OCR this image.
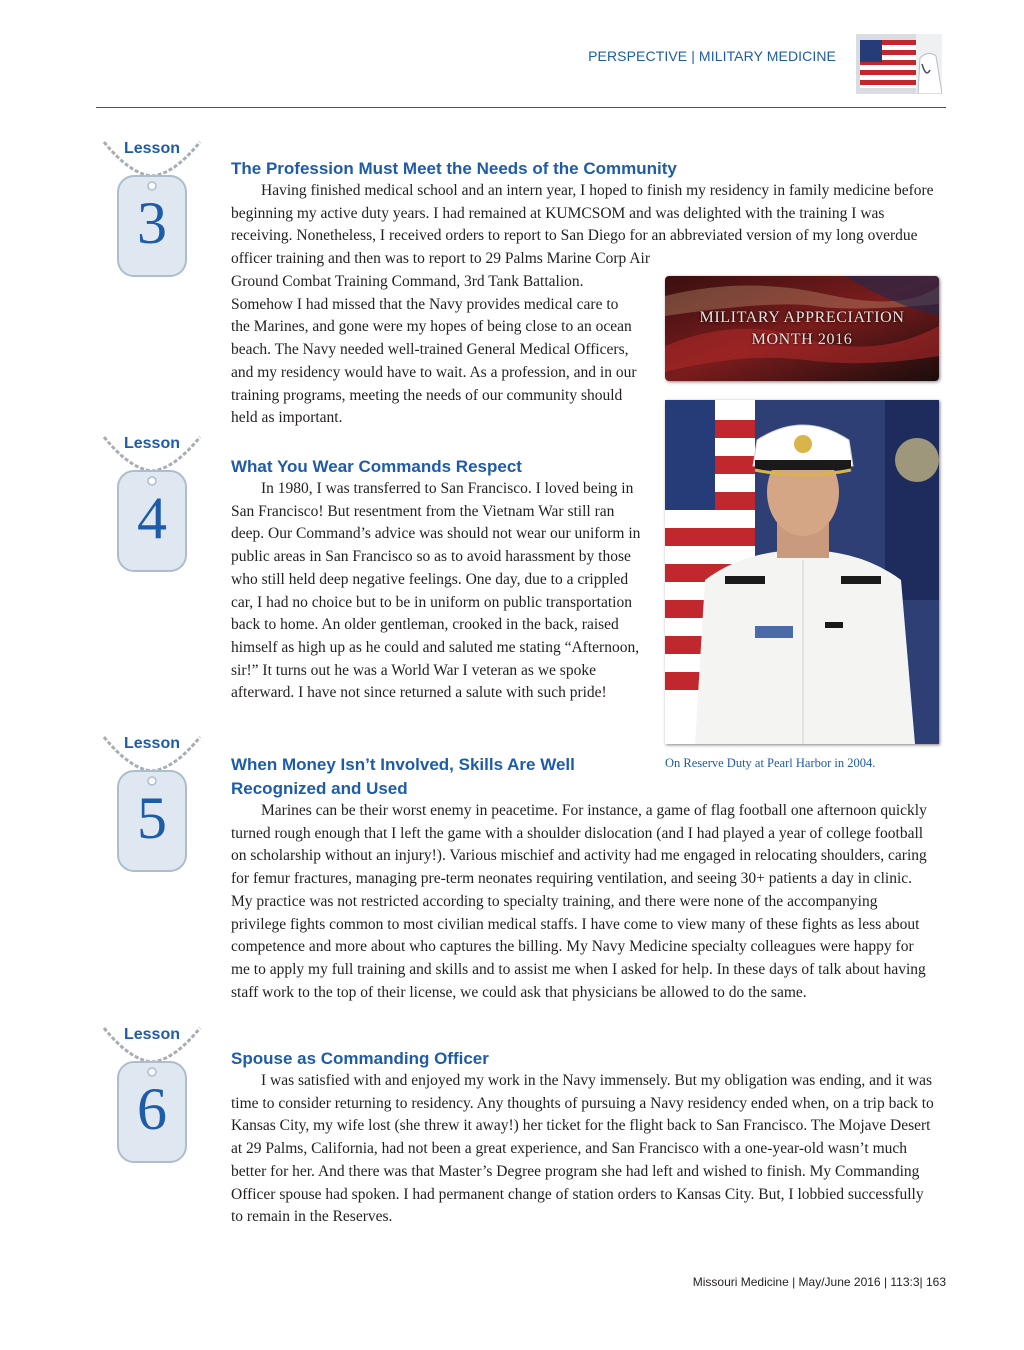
PERSPECTIVE | MILITARY MEDICINE
Lesson
3
The Profession Must Meet the Needs of the Community

Having finished medical school and an intern year, I hoped to finish my residency in family medicine before beginning my active duty years. I had remained at KUMCSOM and was delighted with the training I was receiving. Nonetheless, I received orders to report to San Diego for an abbreviated version of my long overdue officer training and then was to report to 29 Palms Marine Corp Air

Ground Combat Training Command, 3rd Tank Battalion. Somehow I had missed that the Navy provides medical care to the Marines, and gone were my hopes of being close to an ocean beach. The Navy needed well-trained General Medical Officers, and my residency would have to wait. As a profession, and in our training programs, meeting the needs of our community should held as important.

MILITARY APPRECIATION
MONTH 2016
Lesson
4
What You Wear Commands Respect

In 1980, I was transferred to San Francisco. I loved being in San Francisco! But resentment from the Vietnam War still ran deep. Our Command’s advice was should not wear our uniform in public areas in San Francisco so as to avoid harassment by those who still held deep negative feelings. One day, due to a crippled car, I had no choice but to be in uniform on public transportation back to home. An older gentleman, crooked in the back, raised himself as high up as he could and saluted me stating “Afternoon, sir!” It turns out he was a World War I veteran as we spoke afterward. I have not since returned a salute with such pride!

On Reserve Duty at Pearl Harbor in 2004.
Lesson
5
When Money Isn’t Involved, Skills Are Well
Recognized and Used

Marines can be their worst enemy in peacetime. For instance, a game of flag football one afternoon quickly turned rough enough that I left the game with a shoulder dislocation (and I had played a year of college football on scholarship without an injury!). Various mischief and activity had me engaged in relocating shoulders, caring for femur fractures, managing pre-term neonates requiring ventilation, and seeing 30+ patients a day in clinic. My practice was not restricted according to specialty training, and there were none of the accompanying privilege fights common to most civilian medical staffs. I have come to view many of these fights as less about competence and more about who captures the billing. My Navy Medicine specialty colleagues were happy for me to apply my full training and skills and to assist me when I asked for help. In these days of talk about having staff work to the top of their license, we could ask that physicians be allowed to do the same.

Lesson
6
Spouse as Commanding Officer

I was satisfied with and enjoyed my work in the Navy immensely. But my obligation was ending, and it was time to consider returning to residency. Any thoughts of pursuing a Navy residency ended when, on a trip back to Kansas City, my wife lost (she threw it away!) her ticket for the flight back to San Francisco. The Mojave Desert at 29 Palms, California, had not been a great experience, and San Francisco with a one-year-old wasn’t much better for her. And there was that Master’s Degree program she had left and wished to finish. My Commanding Officer spouse had spoken. I had permanent change of station orders to Kansas City. But, I lobbied successfully to remain in the Reserves.

Missouri Medicine | May/June 2016 | 113:3| 163
